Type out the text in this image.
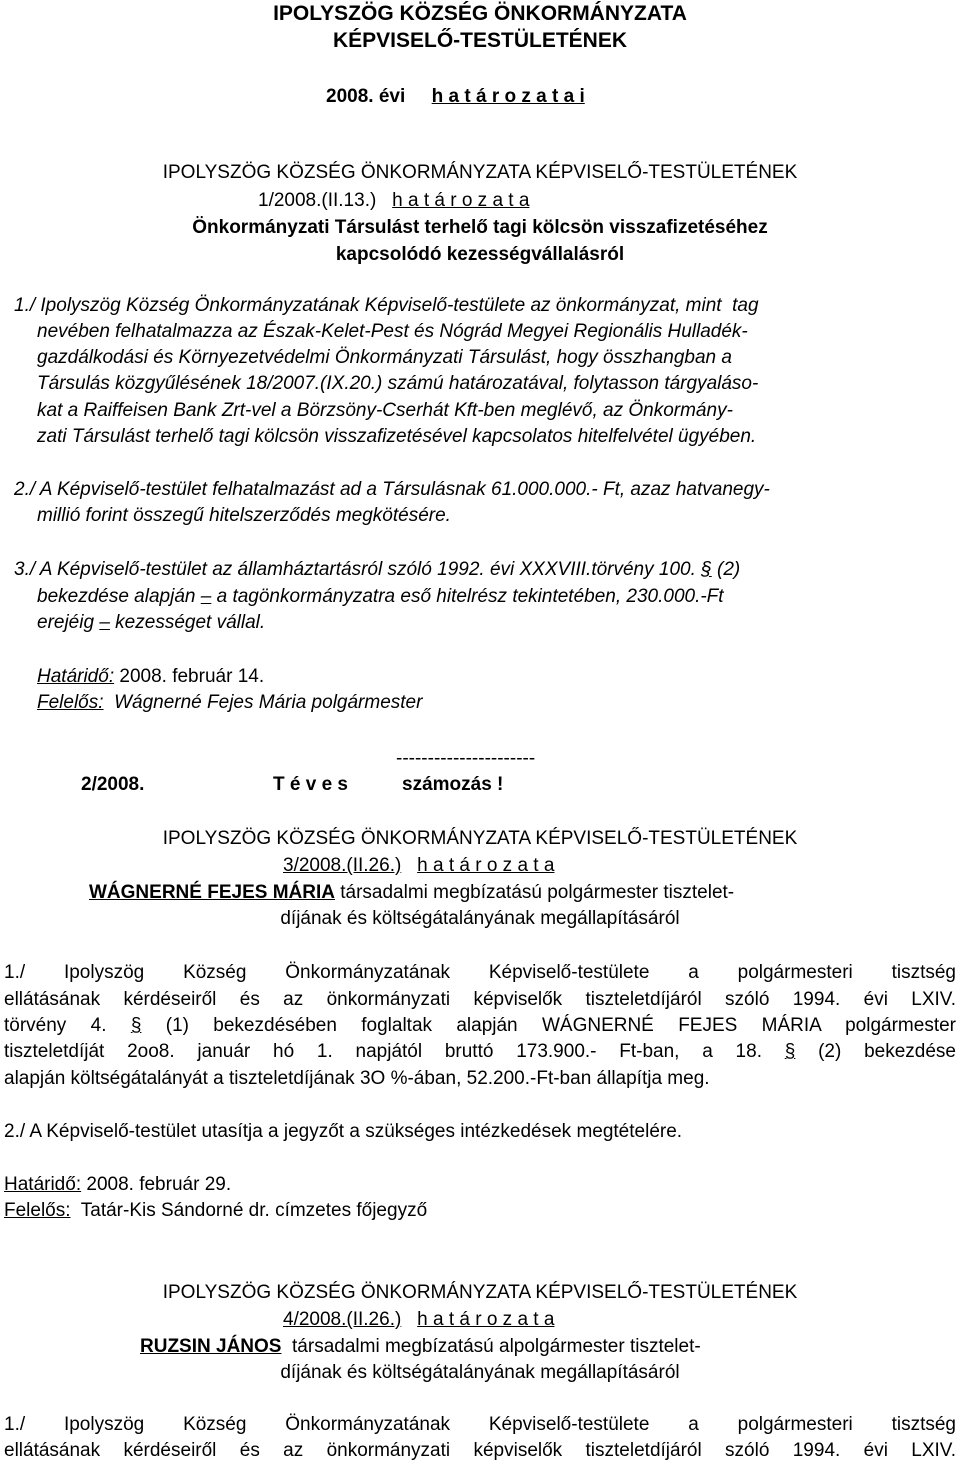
IPOLYSZÖG KÖZSÉG ÖNKORMÁNYZATA
KÉPVISELŐ-TESTÜLETÉNEK
2008. évi h a t á r o z a t a i
IPOLYSZÖG KÖZSÉG ÖNKORMÁNYZATA KÉPVISELŐ-TESTÜLETÉNEK
1/2008.(II.13.) h a t á r o z a t a
Önkormányzati Társulást terhelő tagi kölcsön visszafizetéséhez
kapcsolódó kezességvállalásról
1./ Ipolyszög Község Önkormányzatának Képviselő-testülete az önkormányzat, mint  tag
nevében felhatalmazza az Észak-Kelet-Pest és Nógrád Megyei Regionális Hulladék-
gazdálkodási és Környezetvédelmi Önkormányzati Társulást, hogy összhangban a
Társulás közgyűlésének 18/2007.(IX.20.) számú határozatával, folytasson tárgyaláso-
kat a Raiffeisen Bank Zrt-vel a Börzsöny-Cserhát Kft-ben meglévő, az Önkormány-
zati Társulást terhelő tagi kölcsön visszafizetésével kapcsolatos hitelfelvétel ügyében.
2./ A Képviselő-testület felhatalmazást ad a Társulásnak 61.000.000.- Ft, azaz hatvanegy-
millió forint összegű hitelszerződés megkötésére.
3./ A Képviselő-testület az államháztartásról szóló 1992. évi XXXVIII.törvény 100. § (2)
bekezdése alapján – a tagönkormányzatra eső hitelrész tekintetében, 230.000.-Ft
erejéig – kezességet vállal.
Határidő: 2008. február 14.
Felelős:  Wágnerné Fejes Mária polgármester
----------------------
2/2008.	T é v e s	számozás !
IPOLYSZÖG KÖZSÉG ÖNKORMÁNYZATA KÉPVISELŐ-TESTÜLETÉNEK
3/2008.(II.26.) h a t á r o z a t a
WÁGNERNÉ FEJES MÁRIA társadalmi megbízatású polgármester tisztelet-
díjának és költségátalányának megállapításáról
1./ Ipolyszög Község Önkormányzatának Képviselő-testülete a polgármesteri tisztség
ellátásának kérdéseiről és az önkormányzati képviselők tiszteletdíjáról szóló 1994. évi LXIV.
törvény 4. § (1) bekezdésében foglaltak alapján WÁGNERNÉ FEJES MÁRIA polgármester
tiszteletdíját 2oo8. január hó 1. napjától bruttó 173.900.- Ft-ban, a 18. § (2) bekezdése
alapján költségátalányát a tiszteletdíjának 3O %-ában, 52.200.-Ft-ban állapítja meg.
2./ A Képviselő-testület utasítja a jegyzőt a szükséges intézkedések megtételére.
Határidő: 2008. február 29.
Felelős:  Tatár-Kis Sándorné dr. címzetes főjegyző
IPOLYSZÖG KÖZSÉG ÖNKORMÁNYZATA KÉPVISELŐ-TESTÜLETÉNEK
4/2008.(II.26.) h a t á r o z a t a
RUZSIN JÁNOS  társadalmi megbízatású alpolgármester tisztelet-
díjának és költségátalányának megállapításáról
1./ Ipolyszög Község Önkormányzatának Képviselő-testülete a polgármesteri tisztség
ellátásának kérdéseiről és az önkormányzati képviselők tiszteletdíjáról szóló 1994. évi LXIV.
